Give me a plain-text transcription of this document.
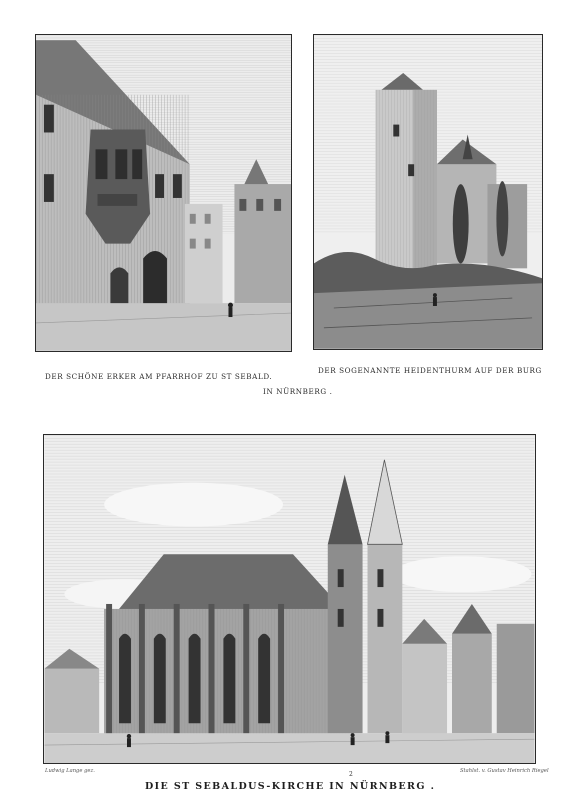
DER SCHÖNE ERKER AM PFARRHOF ZU ST SEBALD.
DER SOGENANNTE HEIDENTHURM AUF DER BURG
IN NÜRNBERG .
Ludwig Lange gez.	Stahlst. v. Gustav Heinrich Riegel
2
DIE ST SEBALDUS-KIRCHE IN NÜRNBERG .
